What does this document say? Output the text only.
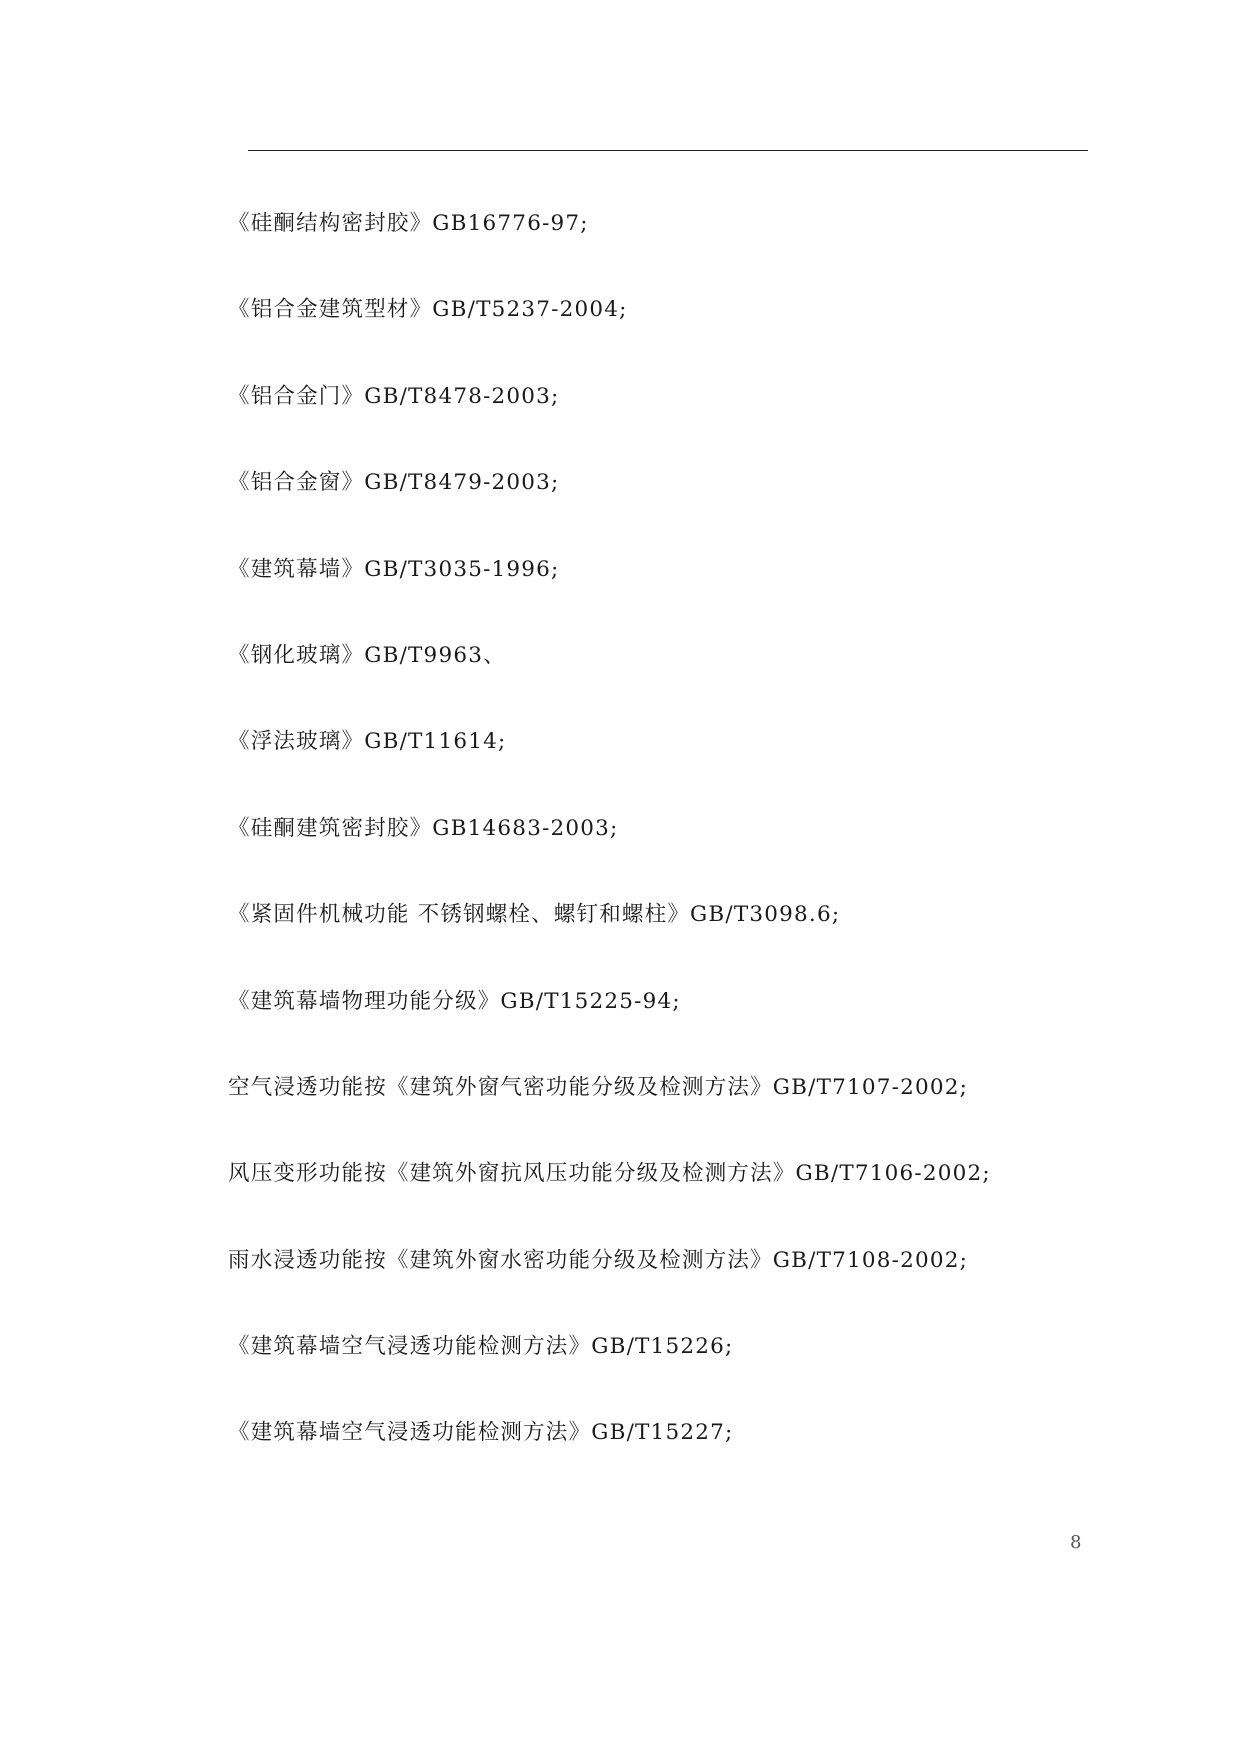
《硅酮结构密封胶》GB16776-97;
《铝合金建筑型材》GB/T5237-2004;
《铝合金门》GB/T8478-2003;
《铝合金窗》GB/T8479-2003;
《建筑幕墙》GB/T3035-1996;
《钢化玻璃》GB/T9963、
《浮法玻璃》GB/T11614;
《硅酮建筑密封胶》GB14683-2003;
《紧固件机械功能 不锈钢螺栓、螺钉和螺柱》GB/T3098.6;
《建筑幕墙物理功能分级》GB/T15225-94;
空气浸透功能按《建筑外窗气密功能分级及检测方法》GB/T7107-2002;
风压变形功能按《建筑外窗抗风压功能分级及检测方法》GB/T7106-2002;
雨水浸透功能按《建筑外窗水密功能分级及检测方法》GB/T7108-2002;
《建筑幕墙空气浸透功能检测方法》GB/T15226;
《建筑幕墙空气浸透功能检测方法》GB/T15227;
8
